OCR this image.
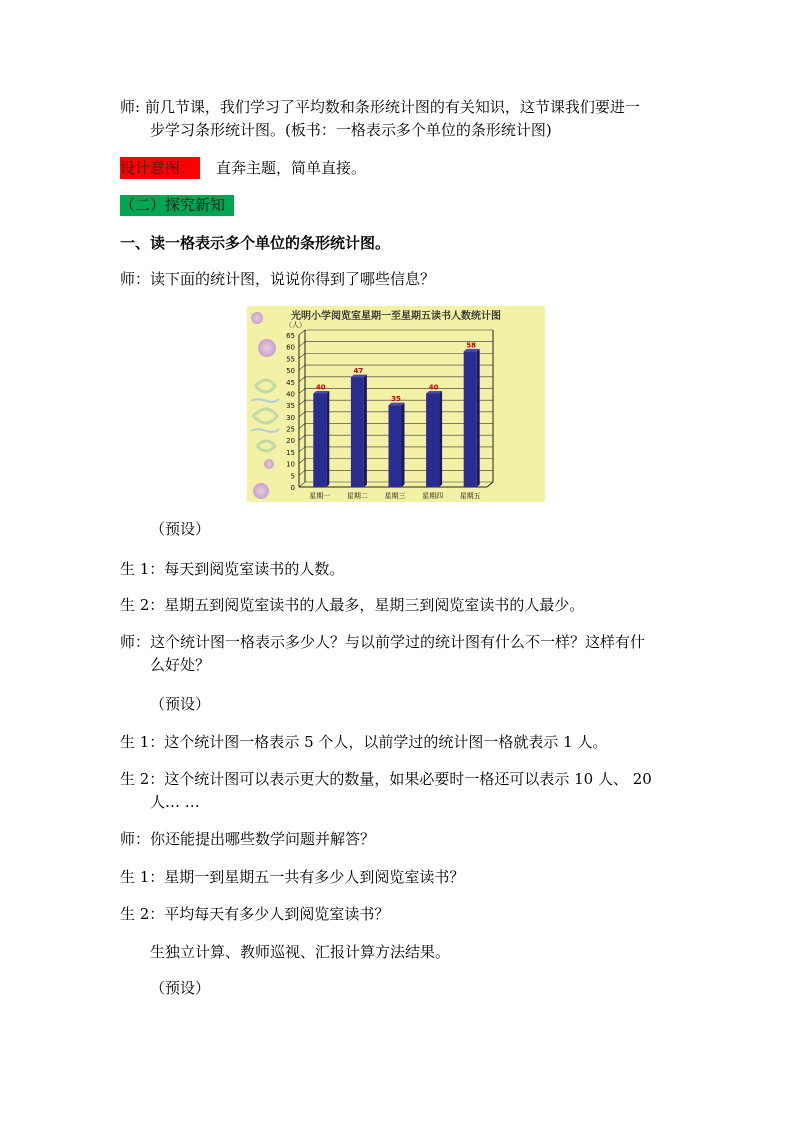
师: 前几节课，我们学习了平均数和条形统计图的有关知识，这节课我们要进一
步学习条形统计图。(板书：一格表示多个单位的条形统计图)
设计意图：	直奔主题，简单直接。
（二）探究新知
一、读一格表示多个单位的条形统计图。
师：读下面的统计图，说说你得到了哪些信息？
光明小学阅览室星期一至星期五读书人数统计图
（人）
0
5
10
15
20
25
30
35
40
45
50
55
60
65
40
星期一
47
星期二
35
星期三
40
星期四
58
星期五
（预设）
生 1：每天到阅览室读书的人数。
生 2：星期五到阅览室读书的人最多，星期三到阅览室读书的人最少。
师：这个统计图一格表示多少人？与以前学过的统计图有什么不一样？这样有什
么好处？
（预设）
生 1：这个统计图一格表示 5 个人，以前学过的统计图一格就表示 1 人。
生 2：这个统计图可以表示更大的数量，如果必要时一格还可以表示 10 人、 20
人… …
师：你还能提出哪些数学问题并解答？
生 1：星期一到星期五一共有多少人到阅览室读书？
生 2：平均每天有多少人到阅览室读书？
生独立计算、教师巡视、汇报计算方法结果。
（预设）
